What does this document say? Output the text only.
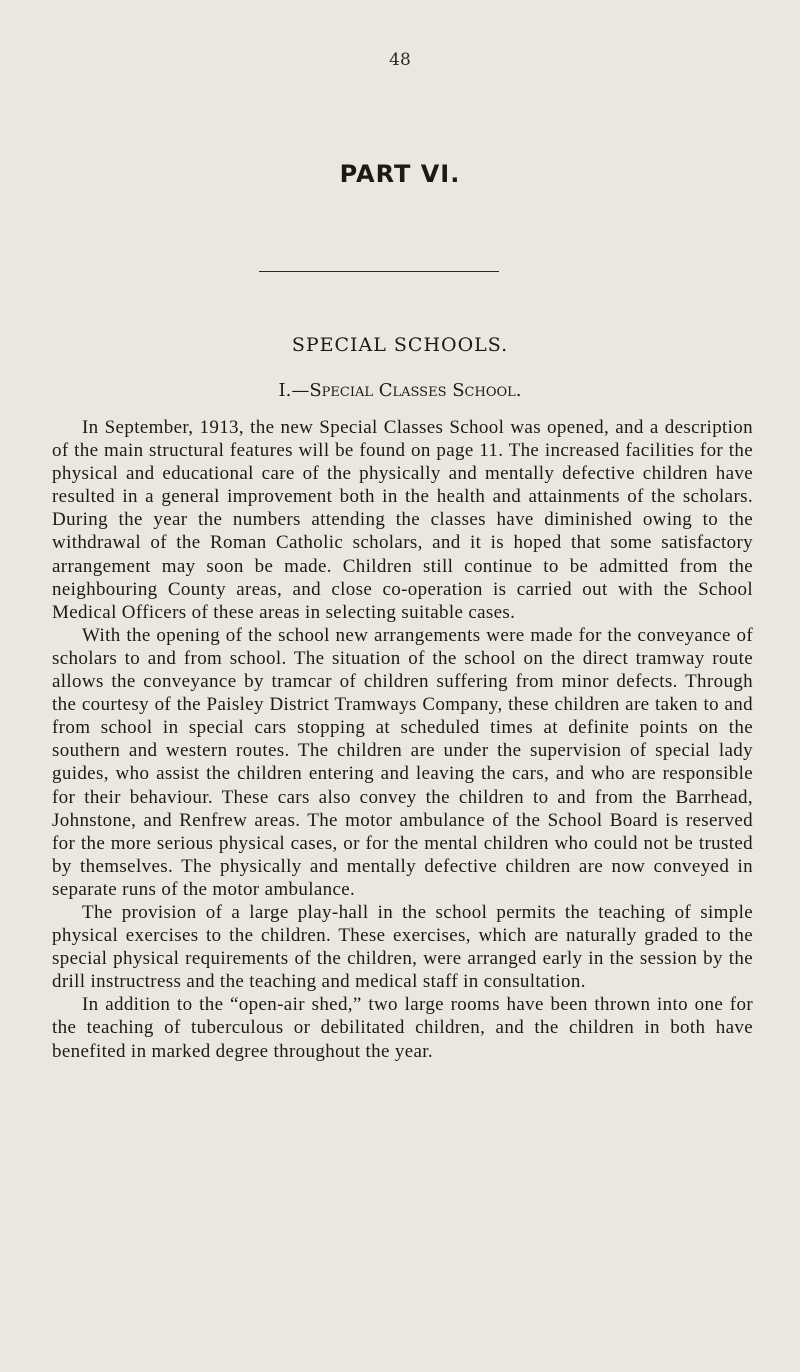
48
PART VI.
SPECIAL SCHOOLS.
I.—Special Classes School.

In September, 1913, the new Special Classes School was opened, and a description of the main structural features will be found on page 11. The increased facilities for the physical and educational care of the physically and mentally defective children have resulted in a general improvement both in the health and attainments of the scholars. During the year the numbers attending the classes have diminished owing to the withdrawal of the Roman Catholic scholars, and it is hoped that some satisfactory arrangement may soon be made. Children still continue to be admitted from the neighbouring County areas, and close co-operation is carried out with the School Medical Officers of these areas in selecting suitable cases.

With the opening of the school new arrangements were made for the conveyance of scholars to and from school. The situation of the school on the direct tramway route allows the conveyance by tramcar of children suffering from minor defects. Through the courtesy of the Paisley District Tramways Company, these children are taken to and from school in special cars stopping at scheduled times at definite points on the southern and western routes. The children are under the supervision of special lady guides, who assist the children entering and leaving the cars, and who are responsible for their behaviour. These cars also convey the children to and from the Barrhead, Johnstone, and Renfrew areas. The motor ambulance of the School Board is reserved for the more serious physical cases, or for the mental children who could not be trusted by themselves. The physically and mentally defective children are now conveyed in separate runs of the motor ambulance.

The provision of a large play-hall in the school permits the teaching of simple physical exercises to the children. These exercises, which are naturally graded to the special physical requirements of the children, were arranged early in the session by the drill instructress and the teaching and medical staff in consultation.

In addition to the “open-air shed,” two large rooms have been thrown into one for the teaching of tuberculous or debilitated children, and the children in both have benefited in marked degree throughout the year.
